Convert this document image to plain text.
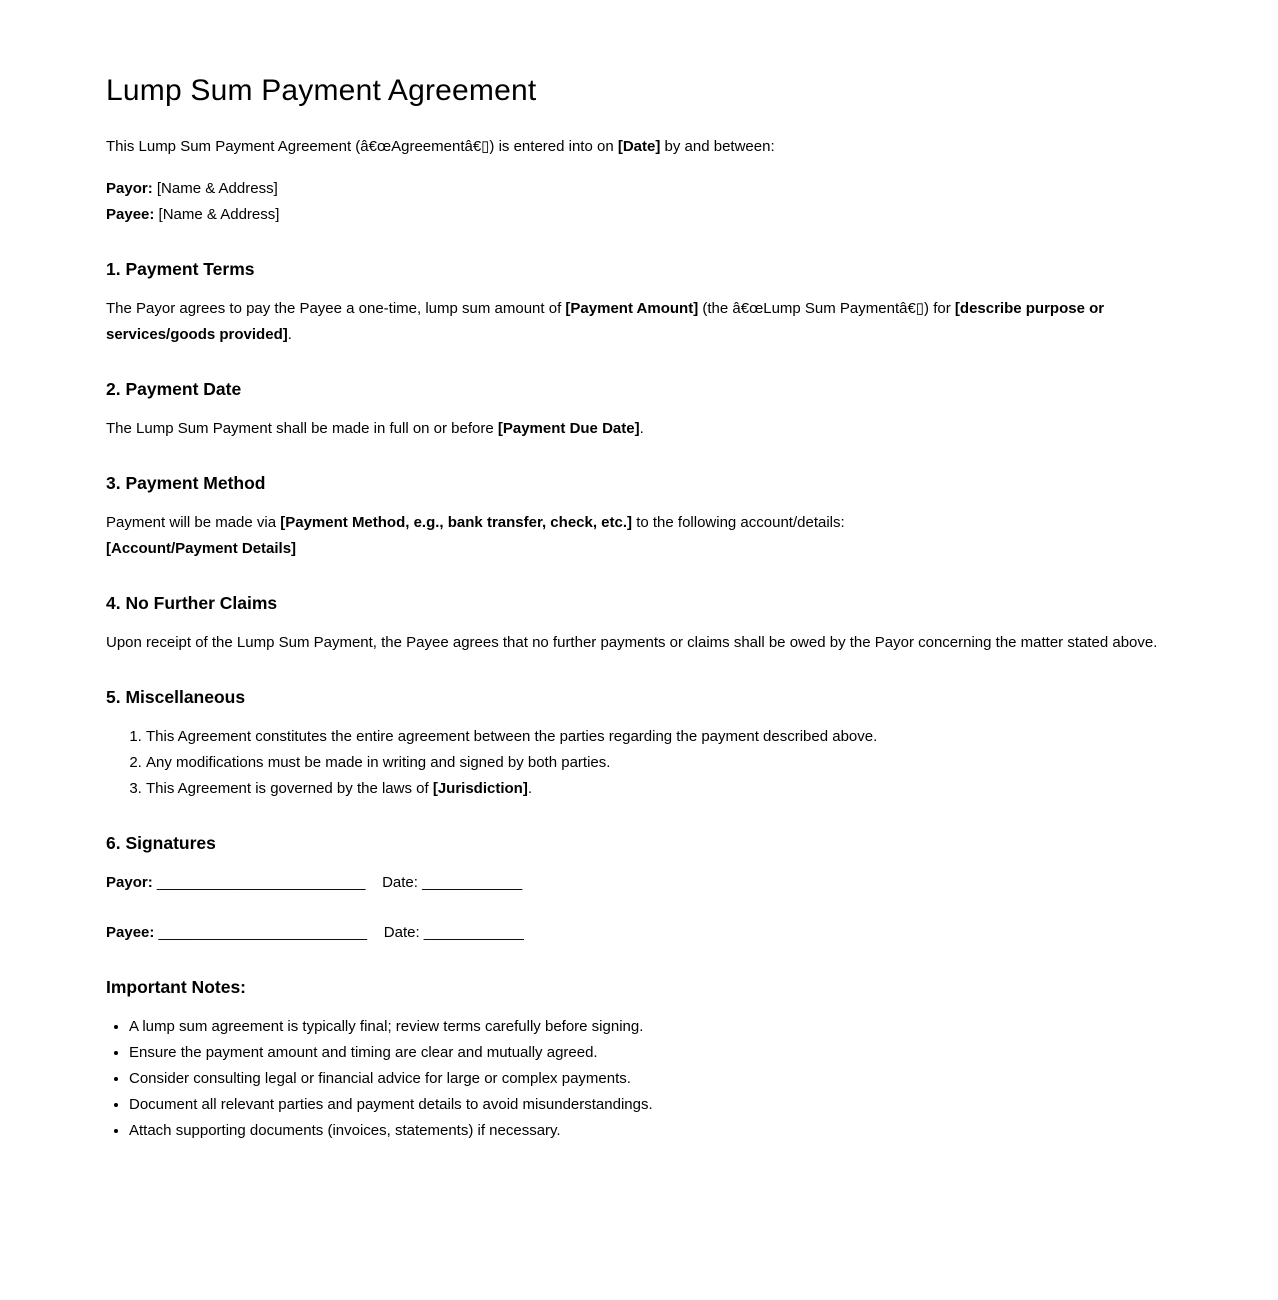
Lump Sum Payment Agreement

This Lump Sum Payment Agreement (â€œAgreementâ€▯) is entered into on [Date] by and between:

Payor: [Name & Address]
Payee: [Name & Address]

1. Payment Terms

The Payor agrees to pay the Payee a one-time, lump sum amount of [Payment Amount] (the â€œLump Sum Paymentâ€▯) for [describe purpose or services/goods provided].

2. Payment Date

The Lump Sum Payment shall be made in full on or before [Payment Due Date].

3. Payment Method

Payment will be made via [Payment Method, e.g., bank transfer, check, etc.] to the following account/details:
[Account/Payment Details]

4. No Further Claims

Upon receipt of the Lump Sum Payment, the Payee agrees that no further payments or claims shall be owed by the Payor concerning the matter stated above.

5. Miscellaneous
1. This Agreement constitutes the entire agreement between the parties regarding the payment described above.
2. Any modifications must be made in writing and signed by both parties.
3. This Agreement is governed by the laws of [Jurisdiction].
6. Signatures

Payor: _________________________    Date: ____________

Payee: _________________________    Date: ____________

Important Notes:
• A lump sum agreement is typically final; review terms carefully before signing.
• Ensure the payment amount and timing are clear and mutually agreed.
• Consider consulting legal or financial advice for large or complex payments.
• Document all relevant parties and payment details to avoid misunderstandings.
• Attach supporting documents (invoices, statements) if necessary.
